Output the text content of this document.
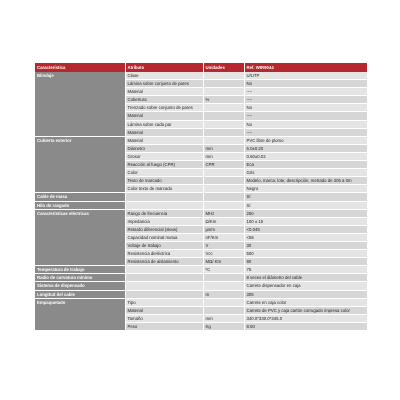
Característica	Atributo	Unidades	Ref. WIR9044
Blindaje	Clase		U/UTP
	Lámina sobre conjunto de pares		No
	Material		----
	Cobertura	%	----
	Trenzado sobre conjunto de pares		No
	Material		----
	Lámina sobre cada par		No
	Material		----
Cubierta exterior	Material		PVC libre de plomo
	Diámetro	mm	6.0±0.20
	Grosor	mm	0.60±0.02
	Reacción al fuego (CPR)	CPR	Eca
	Color		Gris
	Texto de marcado		Modelo, marca, lote, descripción, metrado de 305 a 0m
	Color texto de marcado		Negro
Cable de masa			Sí
Hilo de rasgado			Sí
Características eléctricas	Rango de frecuencia	MHz	250
	Impedancia	Ω/Km	100 ± 15
	Retardo diferencial (skew)	μs/m	<0.045
	Capacidad nominal mutua	nF/Km	<56
	Voltaje de trabajo	V	30
	Resistencia dieléctrica	Vcc	500
	Resistencia de aislamiento	MΩ/ Km	90
Temperatura de trabajo		ºC	75
Radio de curvatura mínimo			8 veces el diámetro del cable
Sistema de dispensado			Carrete dispensador en caja
Longitud del cable		m	305
Empaquetado	Tipo		Carrete en caja color
	Material		Carrete de PVC y caja cartón corrugado impresa color
	Tamaño	mm	340.0*330.0*345.0
	Peso	Kg	8.50
